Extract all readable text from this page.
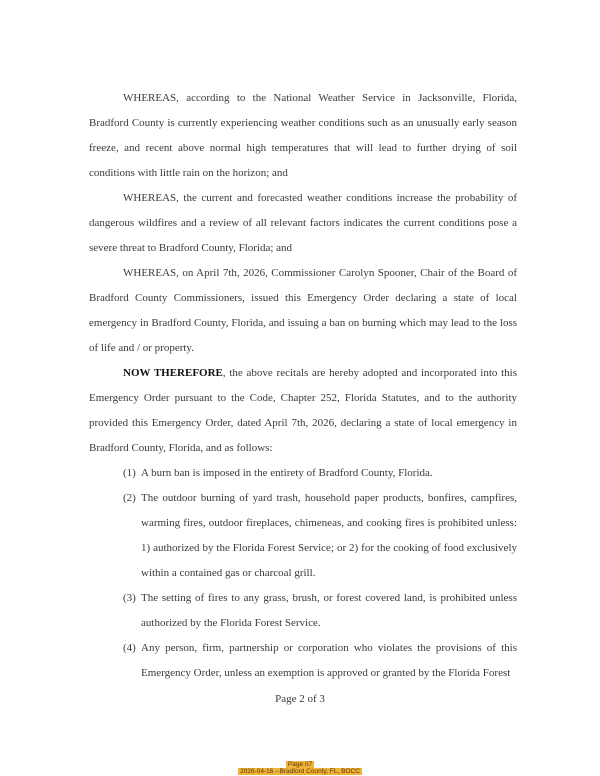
WHEREAS, according to the National Weather Service in Jacksonville, Florida, Bradford County is currently experiencing weather conditions such as an unusually early season freeze, and recent above normal high temperatures that will lead to further drying of soil conditions with little rain on the horizon; and

WHEREAS, the current and forecasted weather conditions increase the probability of dangerous wildfires and a review of all relevant factors indicates the current conditions pose a severe threat to Bradford County, Florida; and

WHEREAS, on April 7th, 2026, Commissioner Carolyn Spooner, Chair of the Board of Bradford County Commissioners, issued this Emergency Order declaring a state of local emergency in Bradford County, Florida, and issuing a ban on burning which may lead to the loss of life and / or property.

NOW THEREFORE, the above recitals are hereby adopted and incorporated into this Emergency Order pursuant to the Code, Chapter 252, Florida Statutes, and to the authority provided this Emergency Order, dated April 7th, 2026, declaring a state of local emergency in Bradford County, Florida, and as follows:

(1) A burn ban is imposed in the entirety of Bradford County, Florida.
(2) The outdoor burning of yard trash, household paper products, bonfires, campfires, warming fires, outdoor fireplaces, chimeneas, and cooking fires is prohibited unless: 1) authorized by the Florida Forest Service; or 2) for the cooking of food exclusively within a contained gas or charcoal grill.
(3) The setting of fires to any grass, brush, or forest covered land, is prohibited unless authorized by the Florida Forest Service.
(4) Any person, firm, partnership or corporation who violates the provisions of this Emergency Order, unless an exemption is approved or granted by the Florida Forest
Page 2 of 3
Page 07
2026-04-16 --Bradford County, FL, BOCC
